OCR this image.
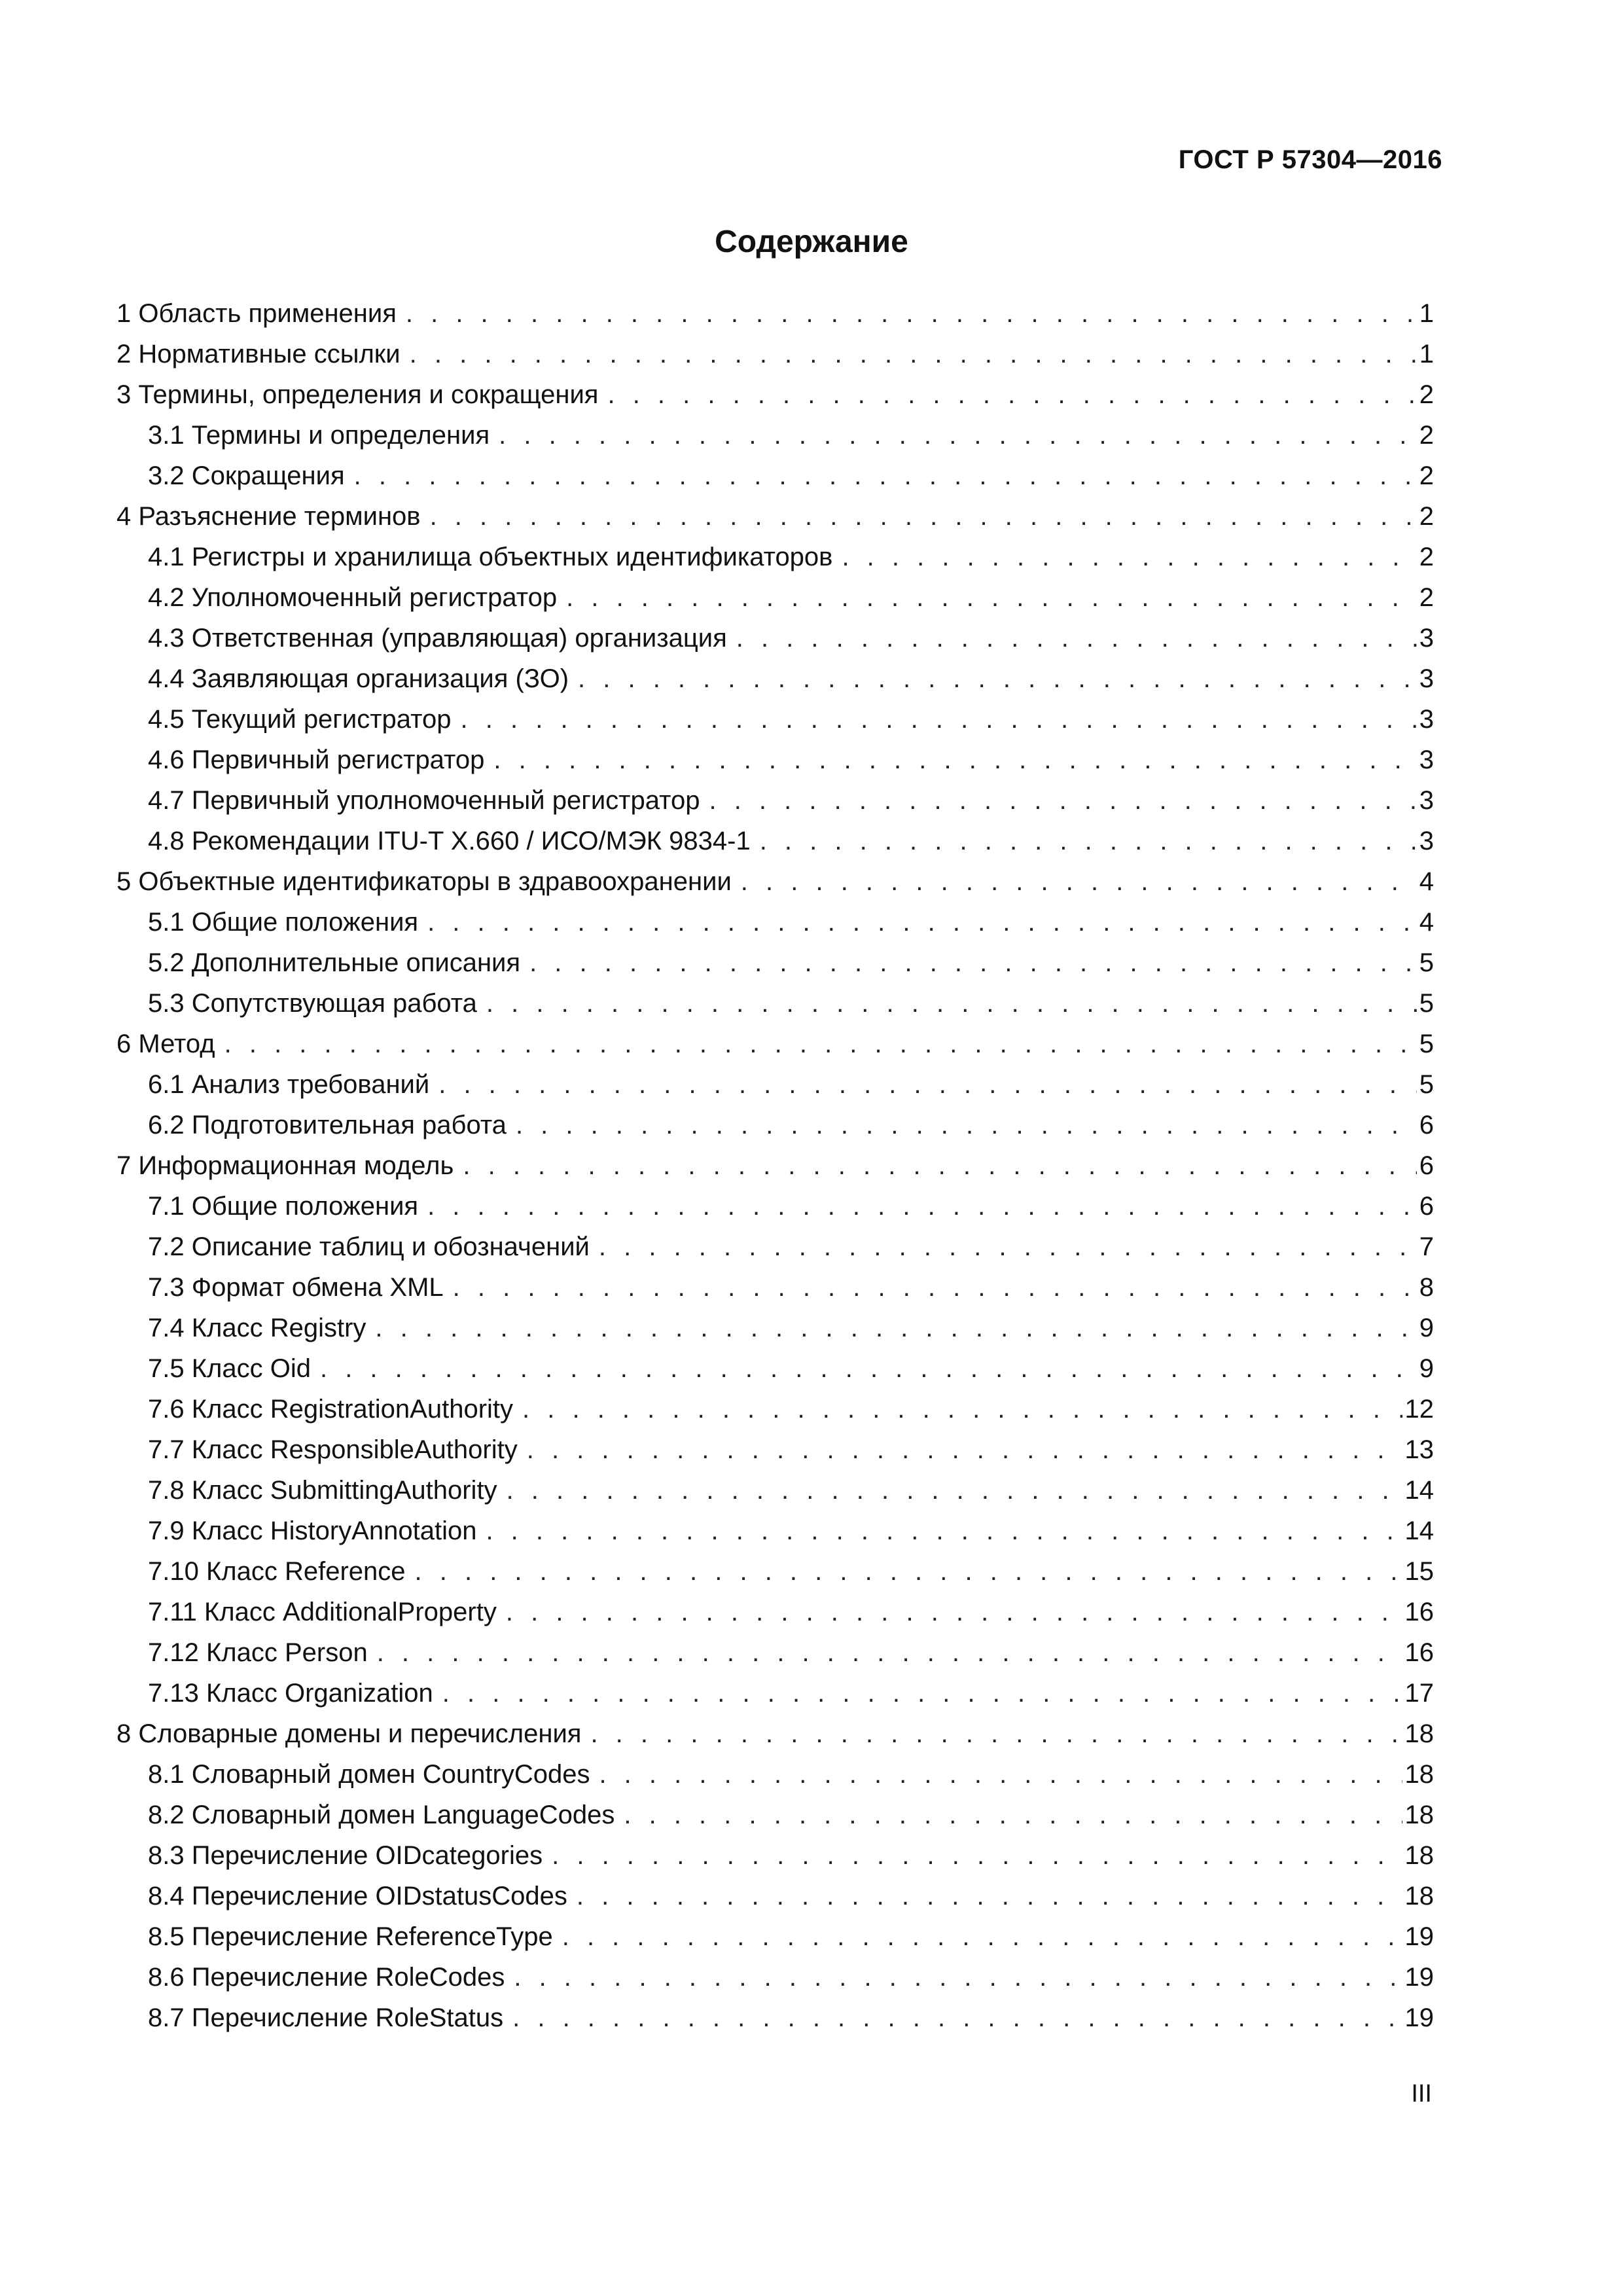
ГОСТ Р 57304—2016
Содержание
1 Область применения . . .	1
2 Нормативные ссылки . . .	1
3 Термины, определения и сокращения . . .	2
3.1 Термины и определения . . .	2
3.2 Сокращения . . .	2
4 Разъяснение терминов . . .	2
4.1 Регистры и хранилища объектных идентификаторов . . .	2
4.2 Уполномоченный регистратор . . .	2
4.3 Ответственная (управляющая) организация . . .	3
4.4 Заявляющая организация (ЗО) . . .	3
4.5 Текущий регистратор . . .	3
4.6 Первичный регистратор . . .	3
4.7 Первичный уполномоченный регистратор . . .	3
4.8 Рекомендации ITU-T X.660 / ИСО/МЭК 9834-1 . . .	3
5 Объектные идентификаторы в здравоохранении . . .	4
5.1 Общие положения . . .	4
5.2 Дополнительные описания . . .	5
5.3 Сопутствующая работа . . .	5
6 Метод . . .	5
6.1 Анализ требований . . .	5
6.2 Подготовительная работа . . .	6
7 Информационная модель . . .	6
7.1 Общие положения . . .	6
7.2 Описание таблиц и обозначений . . .	7
7.3 Формат обмена XML . . .	8
7.4 Класс Registry . . .	9
7.5 Класс Oid . . .	9
7.6 Класс RegistrationAuthority . . .	12
7.7 Класс ResponsibleAuthority . . .	13
7.8 Класс SubmittingAuthority . . .	14
7.9 Класс HistoryAnnotation . . .	14
7.10 Класс Reference . . .	15
7.11 Класс AdditionalProperty . . .	16
7.12 Класс Person . . .	16
7.13 Класс Organization . . .	17
8 Словарные домены и перечисления . . .	18
8.1 Словарный домен CountryCodes . . .	18
8.2 Словарный домен LanguageCodes . . .	18
8.3 Перечисление OIDcategories . . .	18
8.4 Перечисление OIDstatusCodes . . .	18
8.5 Перечисление ReferenceType . . .	19
8.6 Перечисление RoleCodes . . .	19
8.7 Перечисление RoleStatus . . .	19
III
